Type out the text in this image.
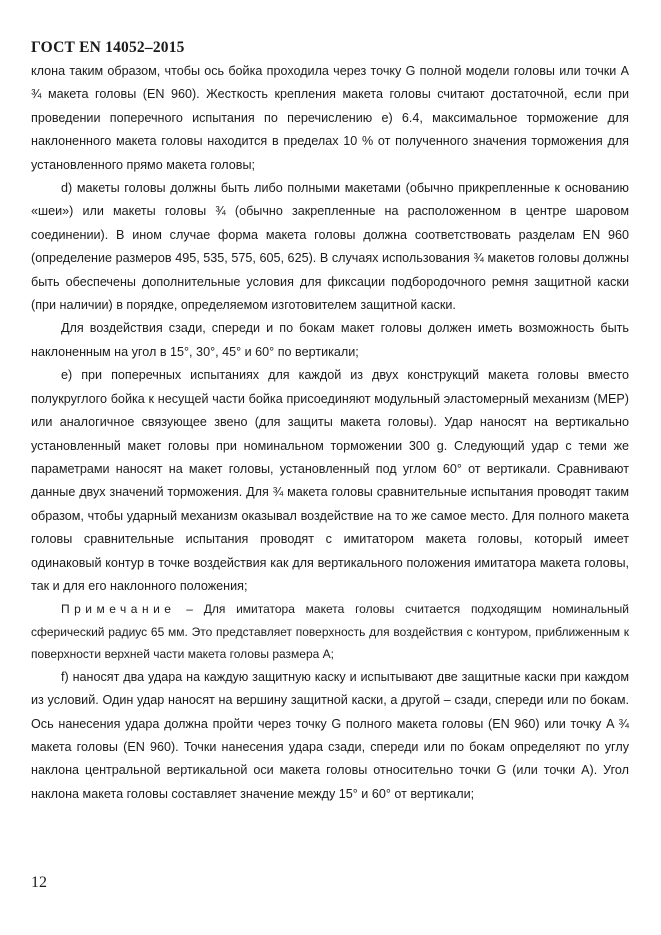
ГОСТ EN 14052–2015

клона таким образом, чтобы ось бойка проходила через точку G полной модели головы или точки A ¾ макета головы (EN 960). Жесткость крепления макета головы считают достаточной, если при проведении поперечного испытания по перечислению е) 6.4, максимальное торможение для наклоненного макета головы находится в пределах 10 % от полученного значения торможения для установленного прямо макета головы;

d) макеты головы должны быть либо полными макетами (обычно прикрепленные к основанию «шеи») или макеты головы ¾ (обычно закрепленные на расположенном в центре шаровом соединении). В ином случае форма макета головы должна соответствовать разделам EN 960 (определение размеров 495, 535, 575, 605, 625). В случаях использования ¾ макетов головы должны быть обеспечены дополнительные условия для фиксации подбородочного ремня защитной каски (при наличии) в порядке, определяемом изготовителем защитной каски.

Для воздействия сзади, спереди и по бокам макет головы должен иметь возможность быть наклоненным на угол в 15°, 30°, 45° и 60° по вертикали;

е) при поперечных испытаниях для каждой из двух конструкций макета головы вместо полукруглого бойка к несущей части бойка присоединяют модульный эластомерный механизм (МЕР) или аналогичное связующее звено (для защиты макета головы). Удар наносят на вертикально установленный макет головы при номинальном торможении 300 g. Следующий удар с теми же параметрами наносят на макет головы, установленный под углом 60° от вертикали. Сравнивают данные двух значений торможения. Для ¾ макета головы сравнительные испытания проводят таким образом, чтобы ударный механизм оказывал воздействие на то же самое место. Для полного макета головы сравнительные испытания проводят с имитатором макета головы, который имеет одинаковый контур в точке воздействия как для вертикального положения имитатора макета головы, так и для его наклонного положения;

Примечание – Для имитатора макета головы считается подходящим номинальный сферический радиус 65 мм. Это представляет поверхность для воздействия с контуром, приближенным к поверхности верхней части макета головы размера А;

f) наносят два удара на каждую защитную каску и испытывают две защитные каски при каждом из условий. Один удар наносят на вершину защитной каски, а другой – сзади, спереди или по бокам. Ось нанесения удара должна пройти через точку G полного макета головы (EN 960) или точку A ¾ макета головы (EN 960). Точки нанесения удара сзади, спереди или по бокам определяют по углу наклона центральной вертикальной оси макета головы относительно точки G (или точки A). Угол наклона макета головы составляет значение между 15° и 60° от вертикали;

12
